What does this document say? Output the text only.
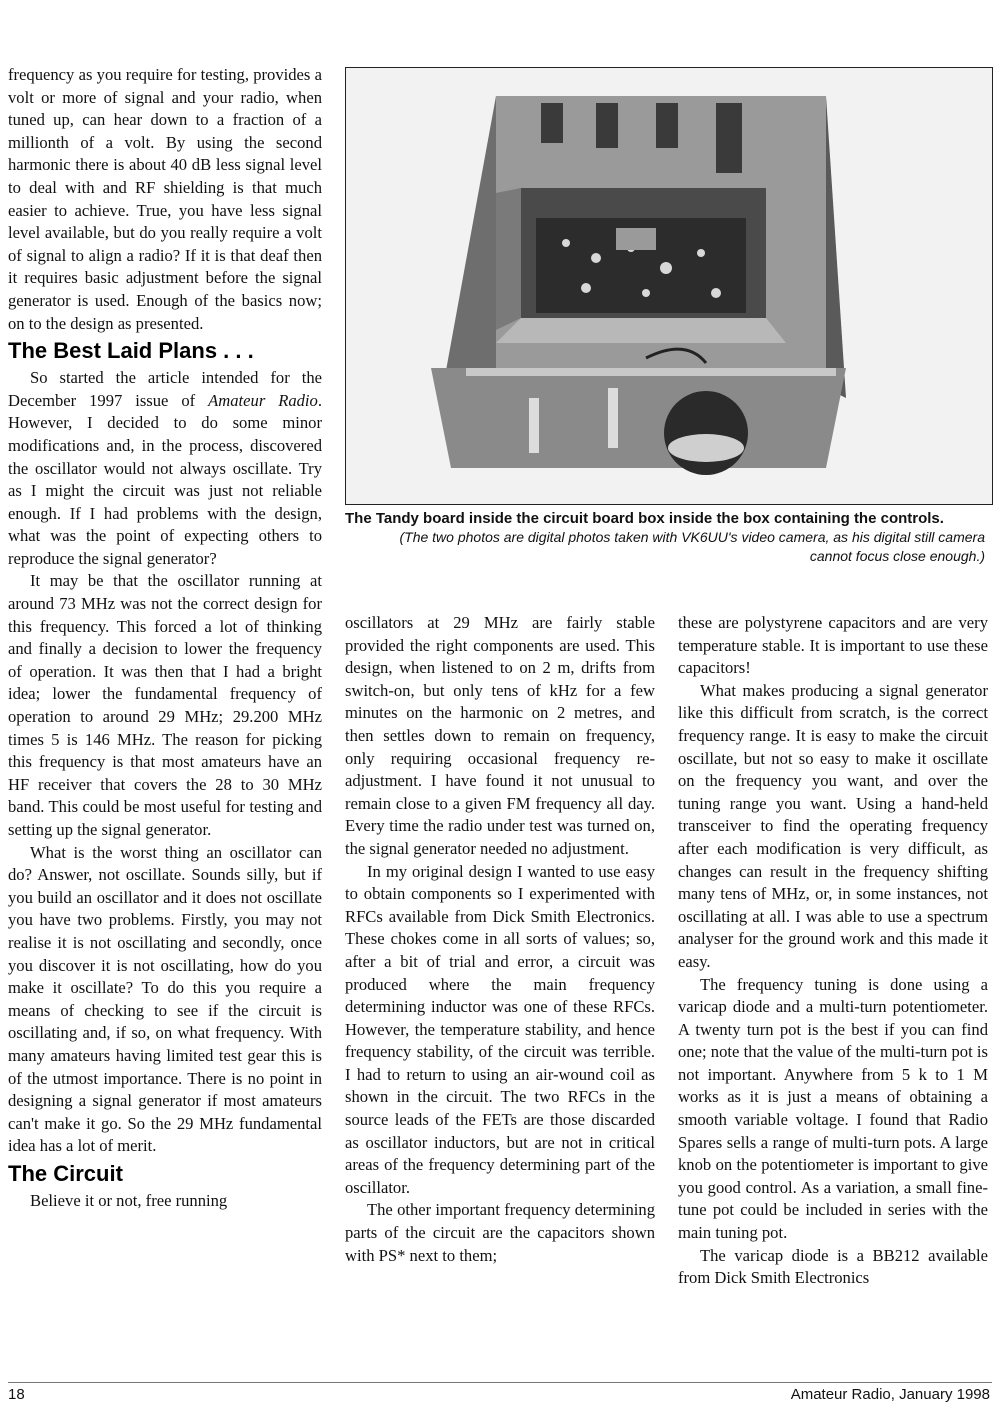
frequency as you require for testing, provides a volt or more of signal and your radio, when tuned up, can hear down to a fraction of a millionth of a volt. By using the second harmonic there is about 40 dB less signal level to deal with and RF shielding is that much easier to achieve. True, you have less signal level available, but do you really require a volt of signal to align a radio? If it is that deaf then it requires basic adjustment before the signal generator is used. Enough of the basics now; on to the design as presented.

The Best Laid Plans . . .

So started the article intended for the December 1997 issue of Amateur Radio. However, I decided to do some minor modifications and, in the process, discovered the oscillator would not always oscillate. Try as I might the circuit was just not reliable enough. If I had problems with the design, what was the point of expecting others to reproduce the signal generator?

It may be that the oscillator running at around 73 MHz was not the correct design for this frequency. This forced a lot of thinking and finally a decision to lower the frequency of operation. It was then that I had a bright idea; lower the fundamental frequency of operation to around 29 MHz; 29.200 MHz times 5 is 146 MHz. The reason for picking this frequency is that most amateurs have an HF receiver that covers the 28 to 30 MHz band. This could be most useful for testing and setting up the signal generator.

What is the worst thing an oscillator can do? Answer, not oscillate. Sounds silly, but if you build an oscillator and it does not oscillate you have two problems. Firstly, you may not realise it is not oscillating and secondly, once you discover it is not oscillating, how do you make it oscillate? To do this you require a means of checking to see if the circuit is oscillating and, if so, on what frequency. With many amateurs having limited test gear this is of the utmost importance. There is no point in designing a signal generator if most amateurs can't make it go. So the 29 MHz fundamental idea has a lot of merit.

The Circuit

Believe it or not, free running

The Tandy board inside the circuit board box inside the box containing the controls.
(The two photos are digital photos taken with VK6UU's video camera, as his digital still camera cannot focus close enough.)

oscillators at 29 MHz are fairly stable provided the right components are used. This design, when listened to on 2 m, drifts from switch-on, but only tens of kHz for a few minutes on the harmonic on 2 metres, and then settles down to remain on frequency, only requiring occasional frequency re-adjustment. I have found it not unusual to remain close to a given FM frequency all day. Every time the radio under test was turned on, the signal generator needed no adjustment.

In my original design I wanted to use easy to obtain components so I experimented with RFCs available from Dick Smith Electronics. These chokes come in all sorts of values; so, after a bit of trial and error, a circuit was produced where the main frequency determining inductor was one of these RFCs. However, the temperature stability, and hence frequency stability, of the circuit was terrible. I had to return to using an air-wound coil as shown in the circuit. The two RFCs in the source leads of the FETs are those discarded as oscillator inductors, but are not in critical areas of the frequency determining part of the oscillator.

The other important frequency determining parts of the circuit are the capacitors shown with PS* next to them;

these are polystyrene capacitors and are very temperature stable. It is important to use these capacitors!

What makes producing a signal generator like this difficult from scratch, is the correct frequency range. It is easy to make the circuit oscillate, but not so easy to make it oscillate on the frequency you want, and over the tuning range you want. Using a hand-held transceiver to find the operating frequency after each modification is very difficult, as changes can result in the frequency shifting many tens of MHz, or, in some instances, not oscillating at all. I was able to use a spectrum analyser for the ground work and this made it easy.

The frequency tuning is done using a varicap diode and a multi-turn potentiometer. A twenty turn pot is the best if you can find one; note that the value of the multi-turn pot is not important. Anywhere from 5 k to 1 M works as it is just a means of obtaining a smooth variable voltage. I found that Radio Spares sells a range of multi-turn pots. A large knob on the potentiometer is important to give you good control. As a variation, a small fine-tune pot could be included in series with the main tuning pot.

The varicap diode is a BB212 available from Dick Smith Electronics

18	Amateur Radio, January 1998
